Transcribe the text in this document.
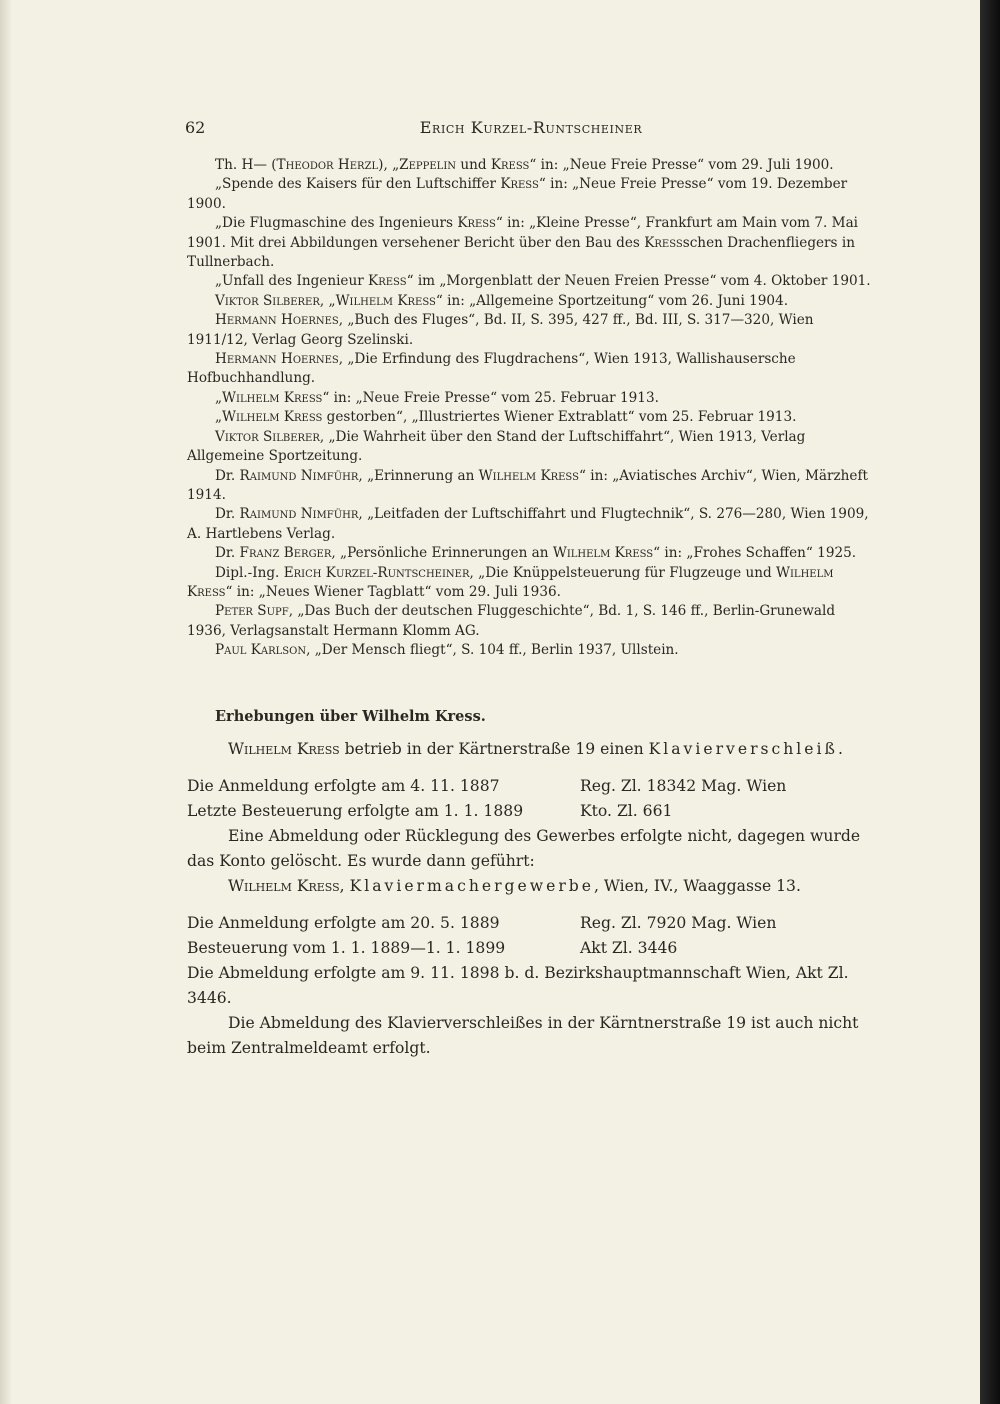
62	Erich Kurzel-Runtscheiner

Th. H— (Theodor Herzl), „Zeppelin und Kress“ in: „Neue Freie Presse“ vom 29. Juli 1900.

„Spende des Kaisers für den Luftschiffer Kress“ in: „Neue Freie Presse“ vom 19. Dezember 1900.

„Die Flugmaschine des Ingenieurs Kress“ in: „Kleine Presse“, Frankfurt am Main vom 7. Mai 1901. Mit drei Abbildungen versehener Bericht über den Bau des Kressschen Drachenfliegers in Tullnerbach.

„Unfall des Ingenieur Kress“ im „Morgenblatt der Neuen Freien Presse“ vom 4. Oktober 1901.

Viktor Silberer, „Wilhelm Kress“ in: „Allgemeine Sportzeitung“ vom 26. Juni 1904.

Hermann Hoernes, „Buch des Fluges“, Bd. II, S. 395, 427 ff., Bd. III, S. 317—320, Wien 1911/12, Verlag Georg Szelinski.

Hermann Hoernes, „Die Erfindung des Flugdrachens“, Wien 1913, Wallishausersche Hofbuchhandlung.

„Wilhelm Kress“ in: „Neue Freie Presse“ vom 25. Februar 1913.

„Wilhelm Kress gestorben“, „Illustriertes Wiener Extrablatt“ vom 25. Februar 1913.

Viktor Silberer, „Die Wahrheit über den Stand der Luftschiffahrt“, Wien 1913, Verlag Allgemeine Sportzeitung.

Dr. Raimund Nimführ, „Erinnerung an Wilhelm Kress“ in: „Aviatisches Archiv“, Wien, Märzheft 1914.

Dr. Raimund Nimführ, „Leitfaden der Luftschiffahrt und Flugtechnik“, S. 276—280, Wien 1909, A. Hartlebens Verlag.

Dr. Franz Berger, „Persönliche Erinnerungen an Wilhelm Kress“ in: „Frohes Schaffen“ 1925.

Dipl.-Ing. Erich Kurzel-Runtscheiner, „Die Knüppelsteuerung für Flugzeuge und Wilhelm Kress“ in: „Neues Wiener Tagblatt“ vom 29. Juli 1936.

Peter Supf, „Das Buch der deutschen Fluggeschichte“, Bd. 1, S. 146 ff., Berlin-Grunewald 1936, Verlagsanstalt Hermann Klomm AG.

Paul Karlson, „Der Mensch fliegt“, S. 104 ff., Berlin 1937, Ullstein.

Erhebungen über Wilhelm Kress.

Wilhelm Kress betrieb in der Kärtnerstraße 19 einen Klavierverschleiß.

Die Anmeldung erfolgte am 4. 11. 1887	Reg. Zl. 18342 Mag. Wien
Letzte Besteuerung erfolgte am 1. 1. 1889	Kto. Zl. 661

Eine Abmeldung oder Rücklegung des Gewerbes erfolgte nicht, dagegen wurde das Konto gelöscht. Es wurde dann geführt:

Wilhelm Kress, Klaviermachergewerbe, Wien, IV., Waaggasse 13.

Die Anmeldung erfolgte am 20. 5. 1889	Reg. Zl. 7920 Mag. Wien
Besteuerung vom 1. 1. 1889—1. 1. 1899	Akt Zl. 3446

Die Abmeldung erfolgte am 9. 11. 1898 b. d. Bezirkshauptmannschaft Wien, Akt Zl. 3446.

Die Abmeldung des Klavierverschleißes in der Kärntnerstraße 19 ist auch nicht beim Zentralmeldeamt erfolgt.
